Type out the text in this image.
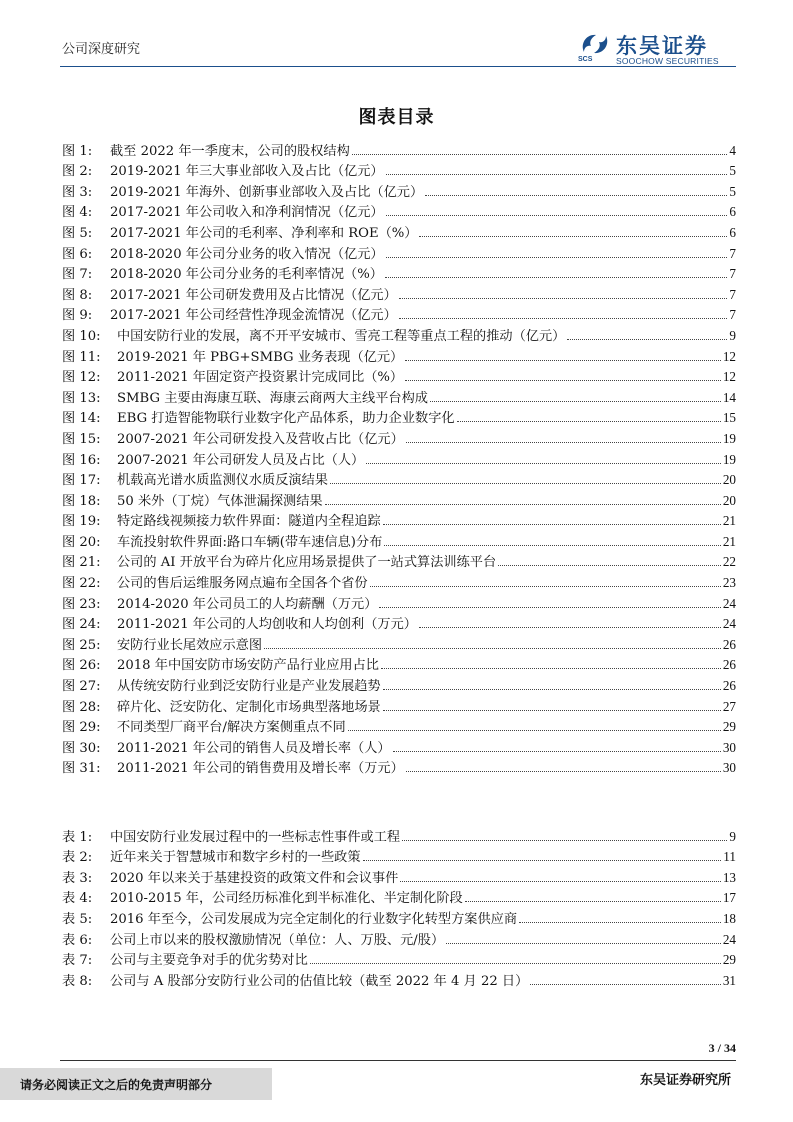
公司深度研究
SCS
东吴证券
SOOCHOW SECURITIES
图表目录
图 1:	截至 2022 年一季度末，公司的股权结构	4
图 2:	2019-2021 年三大事业部收入及占比（亿元）	5
图 3:	2019-2021 年海外、创新事业部收入及占比（亿元）	5
图 4:	2017-2021 年公司收入和净利润情况（亿元）	6
图 5:	2017-2021 年公司的毛利率、净利率和 ROE（%）	6
图 6:	2018-2020 年公司分业务的收入情况（亿元）	7
图 7:	2018-2020 年公司分业务的毛利率情况（%）	7
图 8:	2017-2021 年公司研发费用及占比情况（亿元）	7
图 9:	2017-2021 年公司经营性净现金流情况（亿元）	7
图 10:	中国安防行业的发展，离不开平安城市、雪亮工程等重点工程的推动（亿元）	9
图 11:	2019-2021 年 PBG+SMBG 业务表现（亿元）	12
图 12:	2011-2021 年固定资产投资累计完成同比（%）	12
图 13:	SMBG 主要由海康互联、海康云商两大主线平台构成	14
图 14:	EBG 打造智能物联行业数字化产品体系，助力企业数字化	15
图 15:	2007-2021 年公司研发投入及营收占比（亿元）	19
图 16:	2007-2021 年公司研发人员及占比（人）	19
图 17:	机载高光谱水质监测仪水质反演结果	20
图 18:	50 米外（丁烷）气体泄漏探测结果	20
图 19:	特定路线视频接力软件界面：隧道内全程追踪	21
图 20:	车流投射软件界面:路口车辆(带车速信息)分布	21
图 21:	公司的 AI 开放平台为碎片化应用场景提供了一站式算法训练平台	22
图 22:	公司的售后运维服务网点遍布全国各个省份	23
图 23:	2014-2020 年公司员工的人均薪酬（万元）	24
图 24:	2011-2021 年公司的人均创收和人均创利（万元）	24
图 25:	安防行业长尾效应示意图	26
图 26:	2018 年中国安防市场安防产品行业应用占比	26
图 27:	从传统安防行业到泛安防行业是产业发展趋势	26
图 28:	碎片化、泛安防化、定制化市场典型落地场景	27
图 29:	不同类型厂商平台/解决方案侧重点不同	29
图 30:	2011-2021 年公司的销售人员及增长率（人）	30
图 31:	2011-2021 年公司的销售费用及增长率（万元）	30
表 1:	中国安防行业发展过程中的一些标志性事件或工程	9
表 2:	近年来关于智慧城市和数字乡村的一些政策	11
表 3:	2020 年以来关于基建投资的政策文件和会议事件	13
表 4:	2010-2015 年，公司经历标准化到半标准化、半定制化阶段	17
表 5:	2016 年至今，公司发展成为完全定制化的行业数字化转型方案供应商	18
表 6:	公司上市以来的股权激励情况（单位：人、万股、元/股）	24
表 7:	公司与主要竞争对手的优劣势对比	29
表 8:	公司与 A 股部分安防行业公司的估值比较（截至 2022 年 4 月 22 日）	31
3 / 34
请务必阅读正文之后的免责声明部分	东吴证券研究所
